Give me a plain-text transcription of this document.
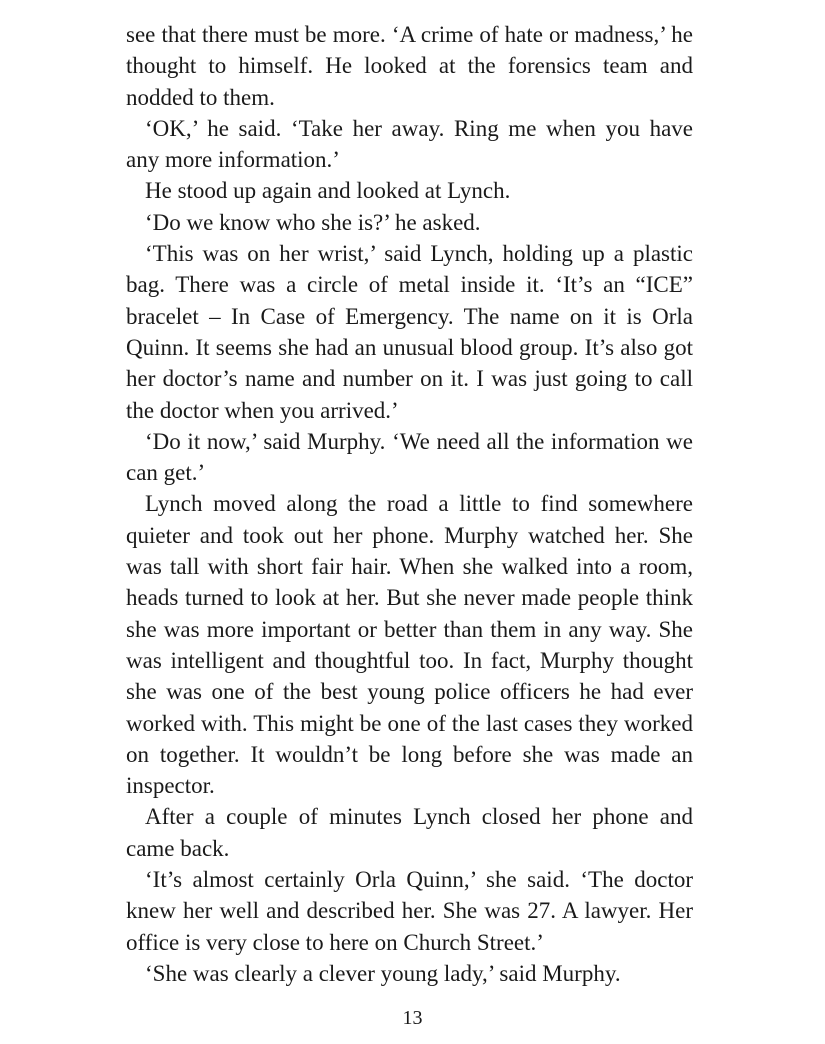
see that there must be more. ‘A crime of hate or madness,’ he thought to himself. He looked at the forensics team and nodded to them.

‘OK,’ he said. ‘Take her away. Ring me when you have any more information.’

He stood up again and looked at Lynch.

‘Do we know who she is?’ he asked.

‘This was on her wrist,’ said Lynch, holding up a plastic bag. There was a circle of metal inside it. ‘It’s an “ICE” bracelet – In Case of Emergency. The name on it is Orla Quinn. It seems she had an unusual blood group. It’s also got her doctor’s name and number on it. I was just going to call the doctor when you arrived.’

‘Do it now,’ said Murphy. ‘We need all the information we can get.’

Lynch moved along the road a little to find somewhere quieter and took out her phone. Murphy watched her. She was tall with short fair hair. When she walked into a room, heads turned to look at her. But she never made people think she was more important or better than them in any way. She was intelligent and thoughtful too. In fact, Murphy thought she was one of the best young police officers he had ever worked with. This might be one of the last cases they worked on together. It wouldn’t be long before she was made an inspector.

After a couple of minutes Lynch closed her phone and came back.

‘It’s almost certainly Orla Quinn,’ she said. ‘The doctor knew her well and described her. She was 27. A lawyer. Her office is very close to here on Church Street.’

‘She was clearly a clever young lady,’ said Murphy.

13
